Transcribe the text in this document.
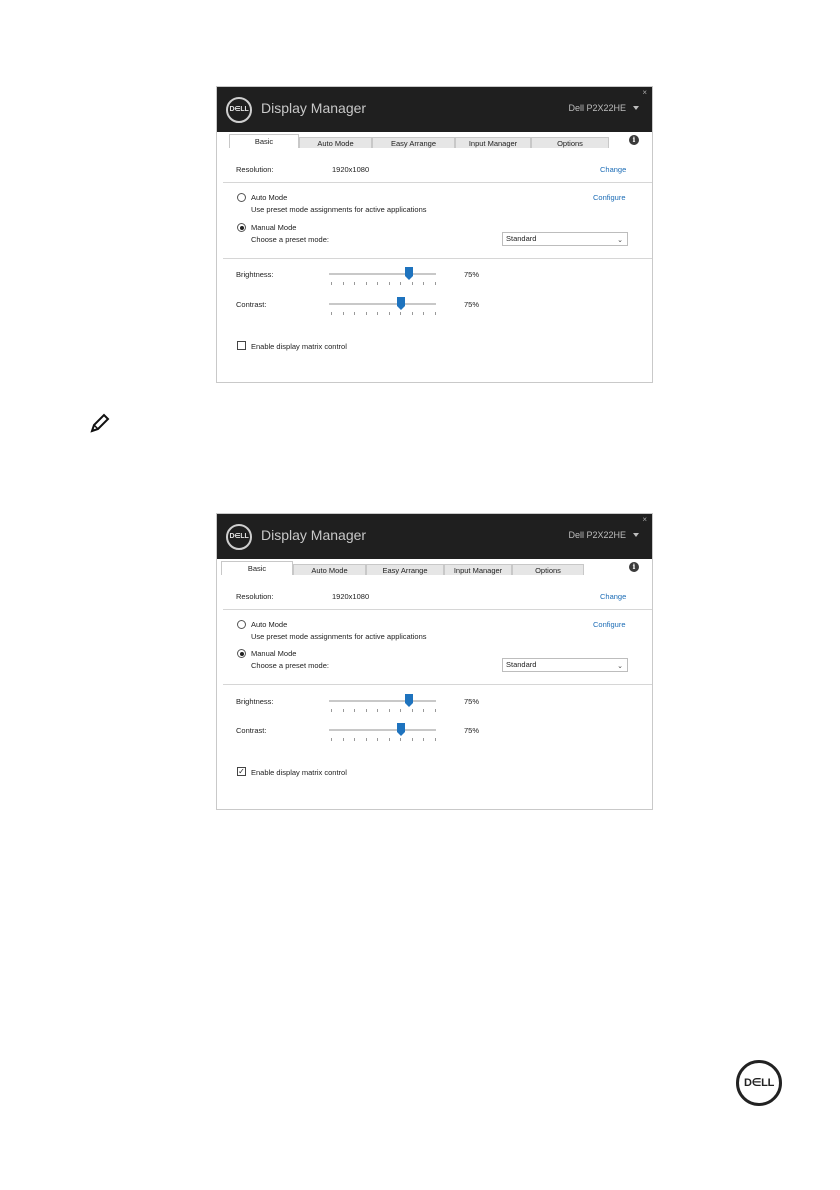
D∈LL Display Manager	Dell P2X22HE
×
Basic	Auto Mode	Easy Arrange	Input Manager	Options	i
Resolution:	1920x1080	Change
Auto Mode
Use preset mode assignments for active applications
Configure
Manual Mode
Choose a preset mode:	Standard	⌄
Brightness:	75%
Contrast:	75%
Enable display matrix control
D∈LL Display Manager	Dell P2X22HE
×
Basic	Auto Mode	Easy Arrange	Input Manager	Options	i
Resolution:	1920x1080	Change
Auto Mode
Use preset mode assignments for active applications
Configure
Manual Mode
Choose a preset mode:	Standard	⌄
Brightness:	75%
Contrast:	75%
✓ Enable display matrix control
D∈LL
